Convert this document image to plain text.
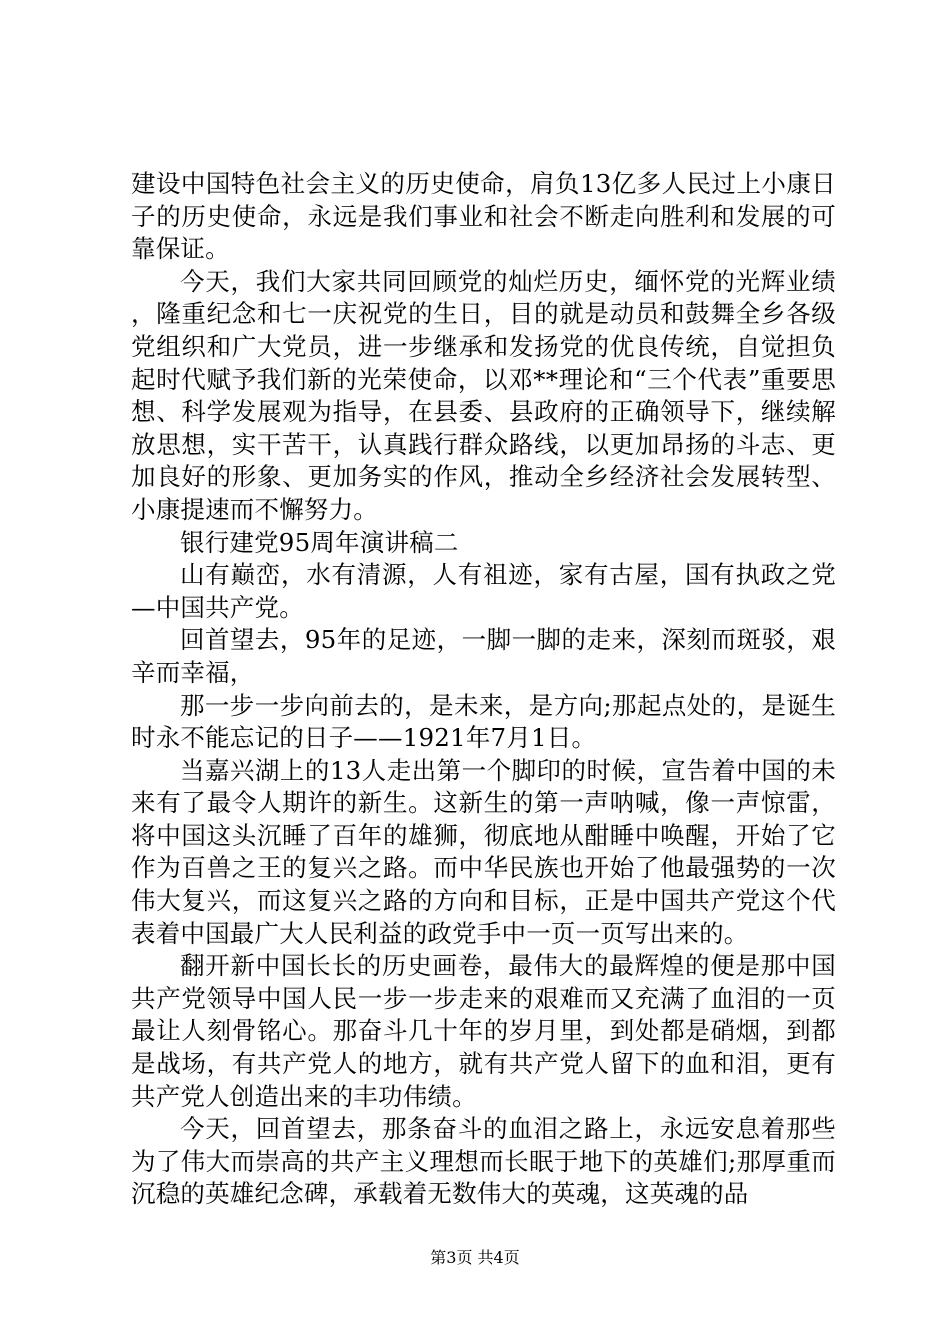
建设中国特色社会主义的历史使命，肩负13亿多人民过上小康日子的历史使命，永远是我们事业和社会不断走向胜利和发展的可靠保证。

今天，我们大家共同回顾党的灿烂历史，缅怀党的光辉业绩，隆重纪念和七一庆祝党的生日，目的就是动员和鼓舞全乡各级党组织和广大党员，进一步继承和发扬党的优良传统，自觉担负起时代赋予我们新的光荣使命，以邓**理论和“三个代表”重要思想、科学发展观为指导，在县委、县政府的正确领导下，继续解放思想，实干苦干，认真践行群众路线，以更加昂扬的斗志、更加良好的形象、更加务实的作风，推动全乡经济社会发展转型、小康提速而不懈努力。

银行建党95周年演讲稿二

山有巅峦，水有清源，人有祖迹，家有古屋，国有执政之党—中国共产党。

回首望去，95年的足迹，一脚一脚的走来，深刻而斑驳，艰辛而幸福，

那一步一步向前去的，是未来，是方向;那起点处的，是诞生时永不能忘记的日子——1921年7月1日。

当嘉兴湖上的13人走出第一个脚印的时候，宣告着中国的未来有了最令人期许的新生。这新生的第一声呐喊，像一声惊雷，将中国这头沉睡了百年的雄狮，彻底地从酣睡中唤醒，开始了它作为百兽之王的复兴之路。而中华民族也开始了他最强势的一次伟大复兴，而这复兴之路的方向和目标，正是中国共产党这个代表着中国最广大人民利益的政党手中一页一页写出来的。

翻开新中国长长的历史画卷，最伟大的最辉煌的便是那中国共产党领导中国人民一步一步走来的艰难而又充满了血泪的一页最让人刻骨铭心。那奋斗几十年的岁月里，到处都是硝烟，到都是战场，有共产党人的地方，就有共产党人留下的血和泪，更有共产党人创造出来的丰功伟绩。

今天，回首望去，那条奋斗的血泪之路上，永远安息着那些为了伟大而崇高的共产主义理想而长眠于地下的英雄们;那厚重而沉稳的英雄纪念碑，承载着无数伟大的英魂，这英魂的品

第3页 共4页
